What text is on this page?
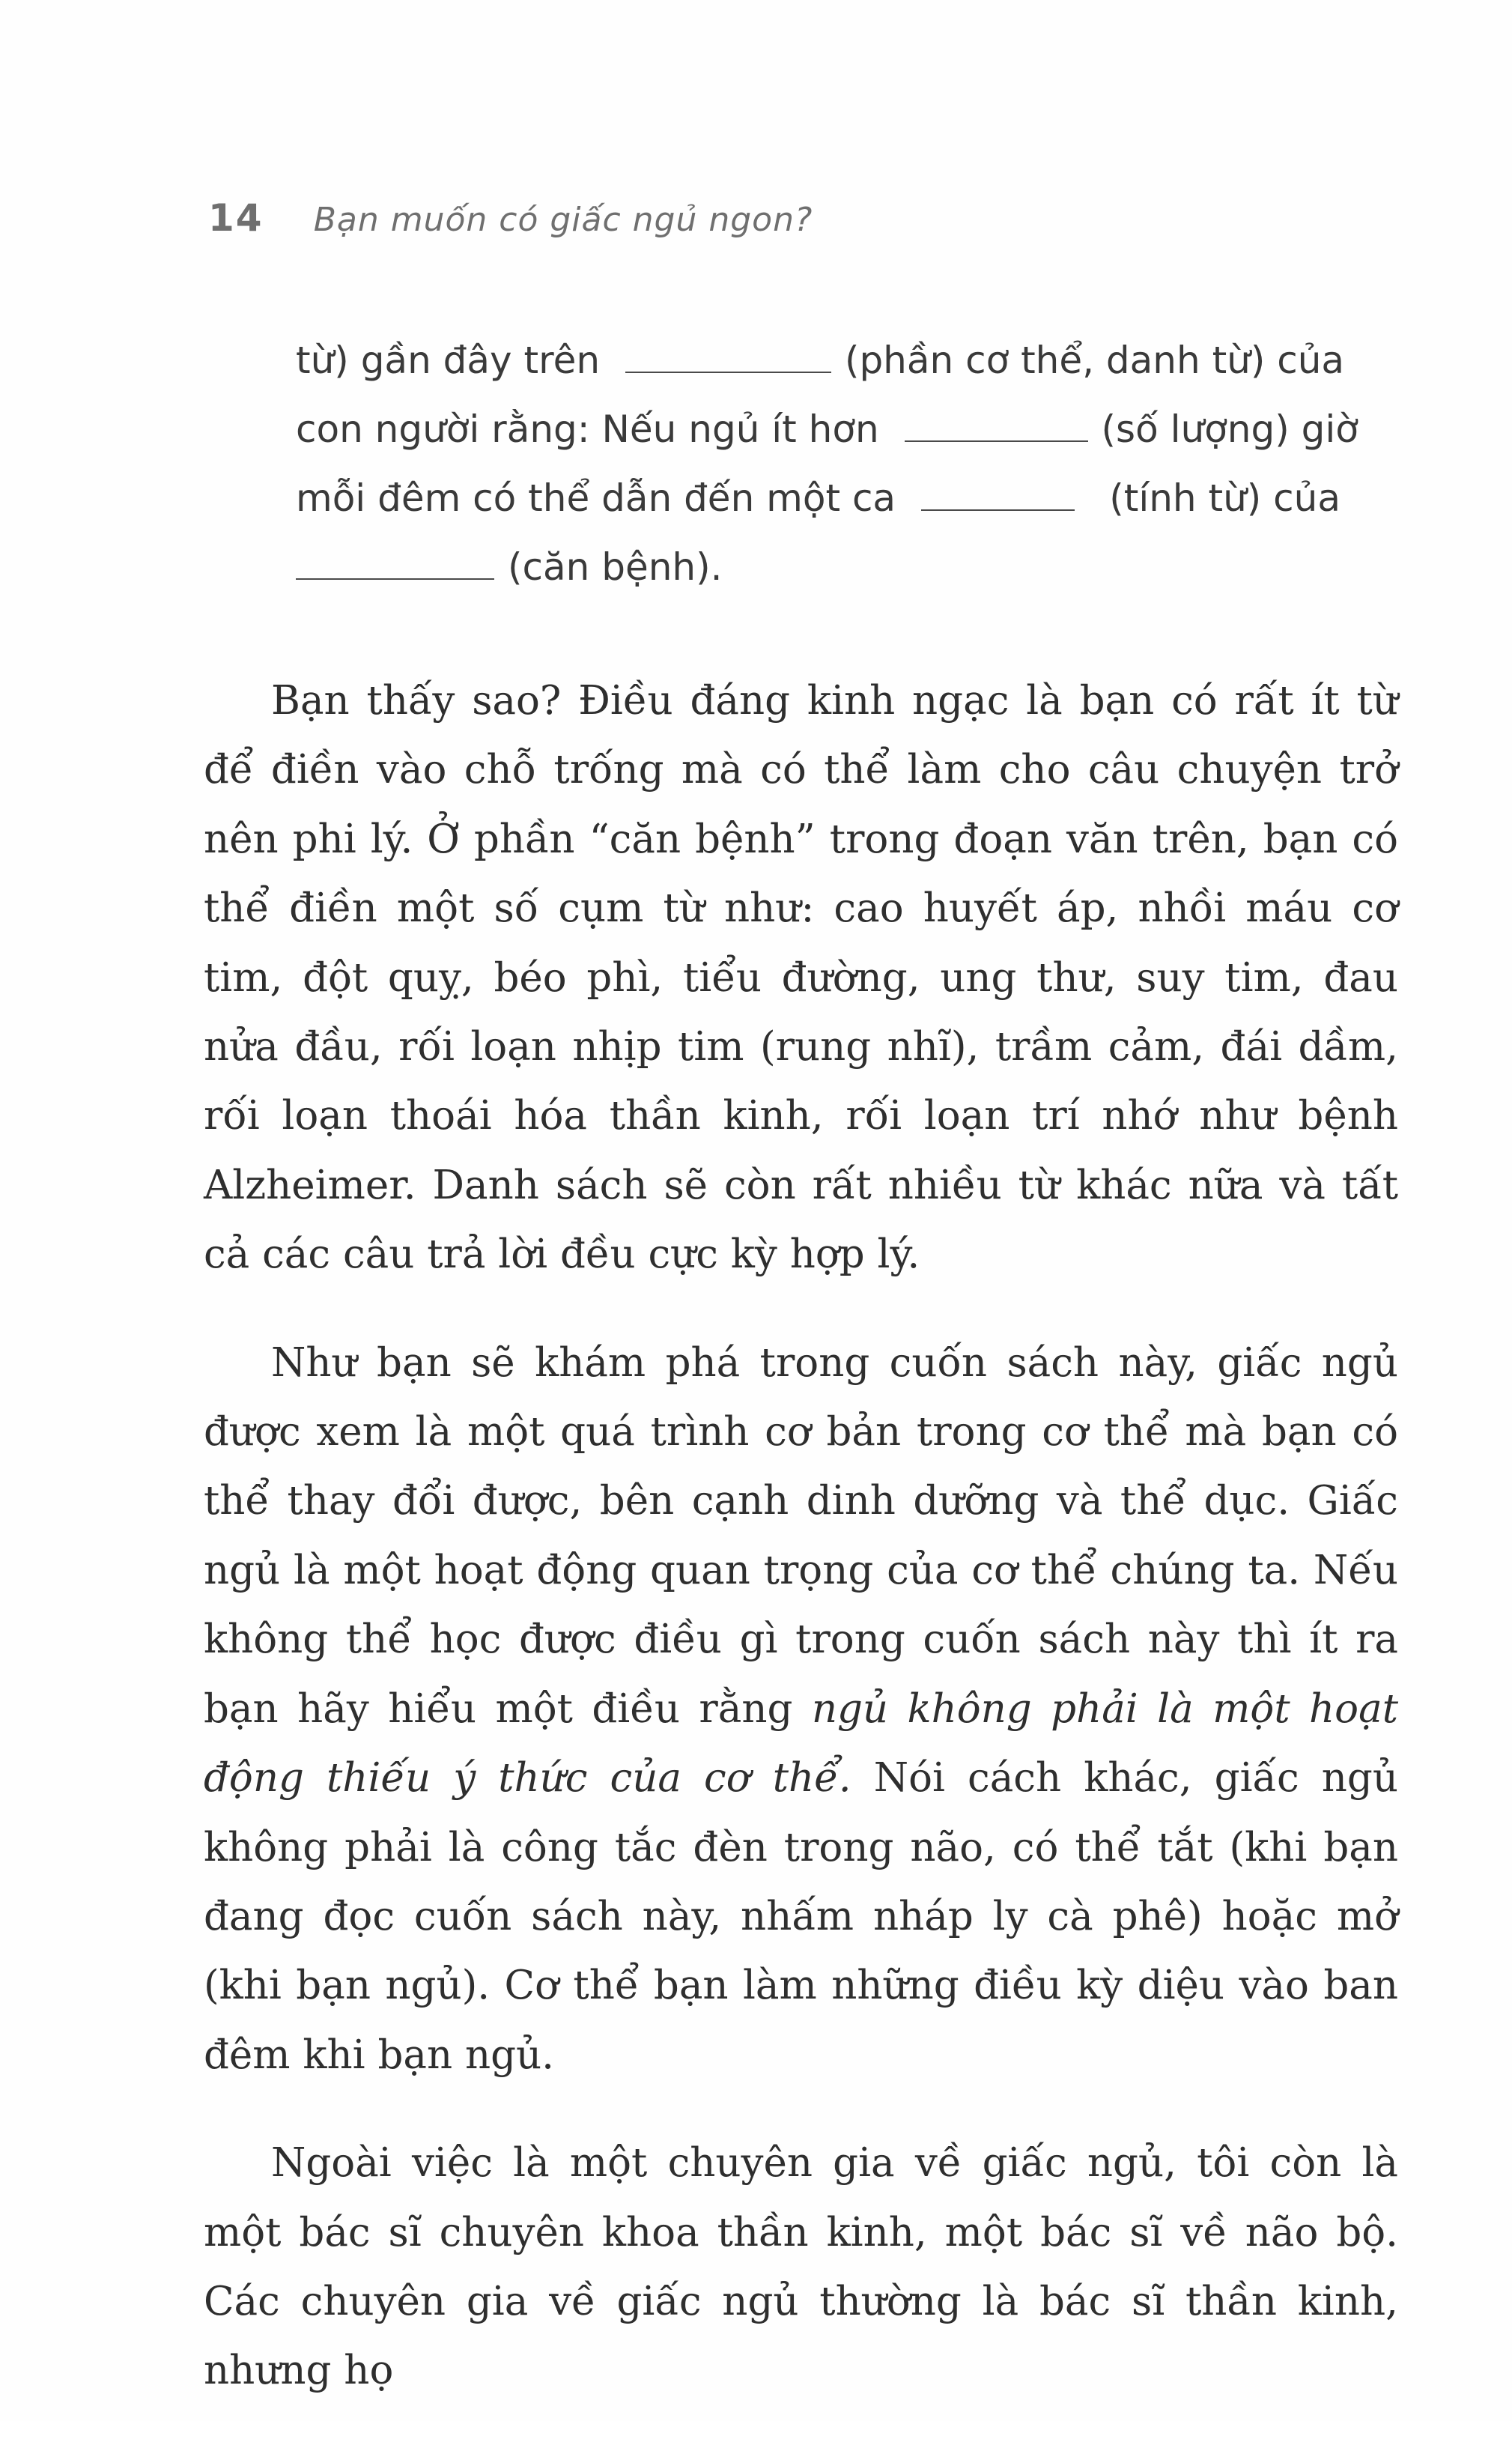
14 Bạn muốn có giấc ngủ ngon?
từ) gần đây trên	(phần cơ thể, danh từ) của
con người rằng: Nếu ngủ ít hơn	(số lượng) giờ
mỗi đêm có thể dẫn đến một ca	(tính từ) của
(căn bệnh).

Bạn thấy sao? Điều đáng kinh ngạc là bạn có rất ít từ để điền vào chỗ trống mà có thể làm cho câu chuyện trở nên phi lý. Ở phần “căn bệnh” trong đoạn văn trên, bạn có thể điền một số cụm từ như: cao huyết áp, nhồi máu cơ tim, đột quỵ, béo phì, tiểu đường, ung thư, suy tim, đau nửa đầu, rối loạn nhịp tim (rung nhĩ), trầm cảm, đái dầm, rối loạn thoái hóa thần kinh, rối loạn trí nhớ như bệnh Alzheimer. Danh sách sẽ còn rất nhiều từ khác nữa và tất cả các câu trả lời đều cực kỳ hợp lý.

Như bạn sẽ khám phá trong cuốn sách này, giấc ngủ được xem là một quá trình cơ bản trong cơ thể mà bạn có thể thay đổi được, bên cạnh dinh dưỡng và thể dục. Giấc ngủ là một hoạt động quan trọng của cơ thể chúng ta. Nếu không thể học được điều gì trong cuốn sách này thì ít ra bạn hãy hiểu một điều rằng ngủ không phải là một hoạt động thiếu ý thức của cơ thể. Nói cách khác, giấc ngủ không phải là công tắc đèn trong não, có thể tắt (khi bạn đang đọc cuốn sách này, nhấm nháp ly cà phê) hoặc mở (khi bạn ngủ). Cơ thể bạn làm những điều kỳ diệu vào ban đêm khi bạn ngủ.

Ngoài việc là một chuyên gia về giấc ngủ, tôi còn là một bác sĩ chuyên khoa thần kinh, một bác sĩ về não bộ. Các chuyên gia về giấc ngủ thường là bác sĩ thần kinh, nhưng họ
